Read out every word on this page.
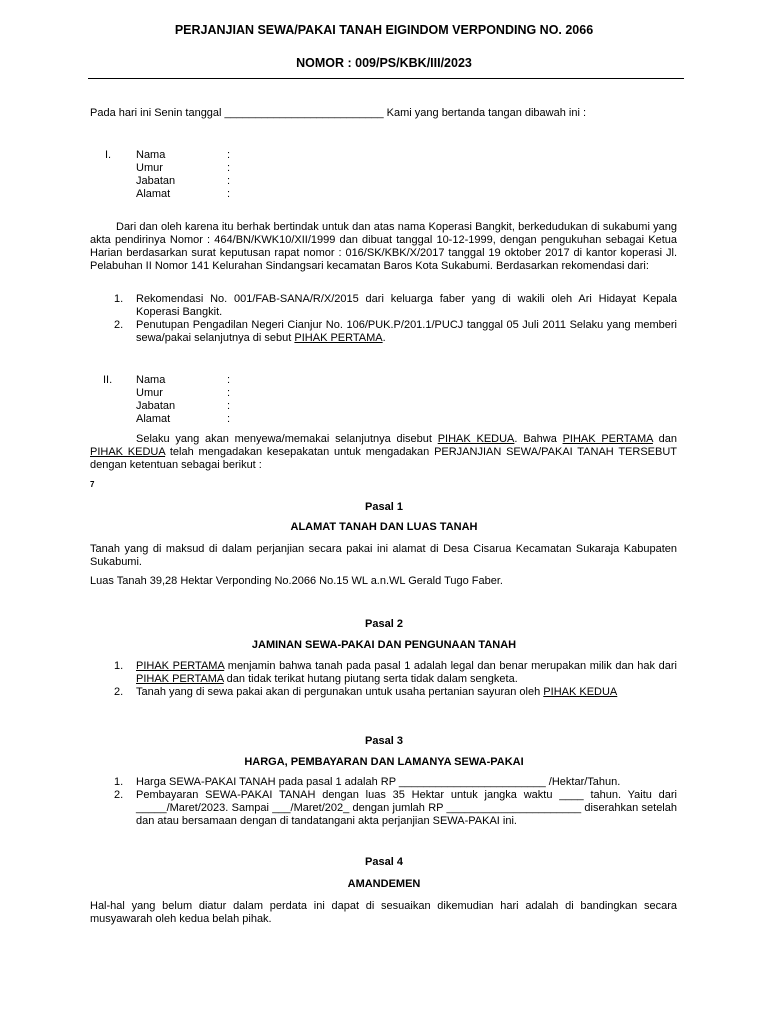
PERJANJIAN SEWA/PAKAI TANAH EIGINDOM VERPONDING NO. 2066
NOMOR : 009/PS/KBK/III/2023
Pada hari ini Senin tanggal __________________________ Kami yang bertanda tangan dibawah ini :
I. Nama
Umur
Jabatan
Alamat
:
:
:
:
Dari dan oleh karena itu berhak bertindak untuk dan atas nama Koperasi Bangkit, berkedudukan di sukabumi yang akta pendirinya Nomor : 464/BN/KWK10/XII/1999 dan dibuat tanggal 10-12-1999, dengan pengukuhan sebagai Ketua Harian berdasarkan surat keputusan rapat nomor : 016/SK/KBK/X/2017 tanggal 19 oktober 2017 di kantor koperasi Jl. Pelabuhan II Nomor 141 Kelurahan Sindangsari kecamatan Baros Kota Sukabumi. Berdasarkan rekomendasi dari:
1. Rekomendasi No. 001/FAB-SANA/R/X/2015 dari keluarga faber yang di wakili oleh Ari Hidayat Kepala Koperasi Bangkit.
2. Penutupan Pengadilan Negeri Cianjur No. 106/PUK.P/201.1/PUCJ tanggal 05 Juli 2011 Selaku yang memberi sewa/pakai selanjutnya di sebut PIHAK PERTAMA.
II. Nama
Umur
Jabatan
Alamat
:
:
:
:
Selaku yang akan menyewa/memakai selanjutnya disebut PIHAK KEDUA. Bahwa PIHAK PERTAMA dan PIHAK KEDUA telah mengadakan kesepakatan untuk mengadakan PERJANJIAN SEWA/PAKAI TANAH TERSEBUT dengan ketentuan sebagai berikut :
7
Pasal 1
ALAMAT TANAH DAN LUAS TANAH
Tanah yang di maksud di dalam perjanjian secara pakai ini alamat di Desa Cisarua Kecamatan Sukaraja Kabupaten Sukabumi.
Luas Tanah 39,28 Hektar Verponding No.2066 No.15 WL a.n.WL Gerald Tugo Faber.
Pasal 2
JAMINAN SEWA-PAKAI DAN PENGUNAAN TANAH
1. PIHAK PERTAMA menjamin bahwa tanah pada pasal 1 adalah legal dan benar merupakan milik dan hak dari PIHAK PERTAMA dan tidak terikat hutang piutang serta tidak dalam sengketa.
2. Tanah yang di sewa pakai akan di pergunakan untuk usaha pertanian sayuran oleh PIHAK KEDUA
Pasal 3
HARGA, PEMBAYARAN DAN LAMANYA SEWA-PAKAI
1. Harga SEWA-PAKAI TANAH pada pasal 1 adalah RP ________________________ /Hektar/Tahun.
2. Pembayaran SEWA-PAKAI TANAH dengan luas 35 Hektar untuk jangka waktu ____ tahun. Yaitu dari _____/Maret/2023. Sampai ___/Maret/202_ dengan jumlah RP ______________________ diserahkan setelah dan atau bersamaan dengan di tandatangani akta perjanjian SEWA-PAKAI ini.
Pasal 4
AMANDEMEN
Hal-hal yang belum diatur dalam perdata ini dapat di sesuaikan dikemudian hari adalah di bandingkan secara musyawarah oleh kedua belah pihak.
